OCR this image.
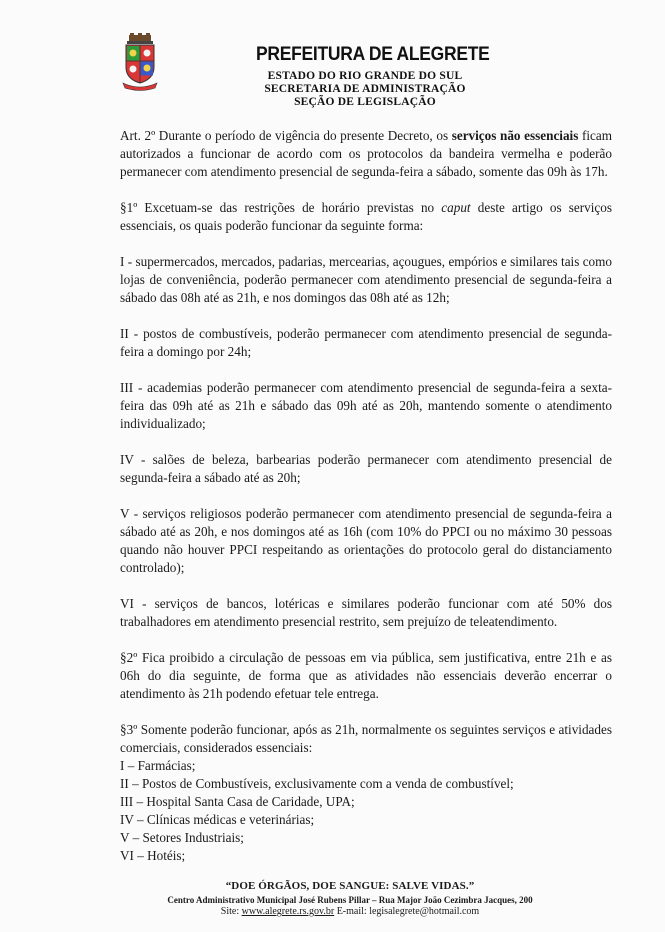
PREFEITURA DE ALEGRETE
ESTADO DO RIO GRANDE DO SUL
SECRETARIA DE ADMINISTRAÇÃO
SEÇÃO DE LEGISLAÇÃO

Art. 2º Durante o período de vigência do presente Decreto, os serviços não essenciais ficam autorizados a funcionar de acordo com os protocolos da bandeira vermelha e poderão permanecer com atendimento presencial de segunda-feira a sábado, somente das 09h às 17h.

§1º Excetuam-se das restrições de horário previstas no caput deste artigo os serviços essenciais, os quais poderão funcionar da seguinte forma:

I - supermercados, mercados, padarias, mercearias, açougues, empórios e similares tais como lojas de conveniência, poderão permanecer com atendimento presencial de segunda-feira a sábado das 08h até as 21h, e nos domingos das 08h até as 12h;

II - postos de combustíveis, poderão permanecer com atendimento presencial de segunda-feira a domingo por 24h;

III - academias poderão permanecer com atendimento presencial de segunda-feira a sexta-feira das 09h até as 21h e sábado das 09h até as 20h, mantendo somente o atendimento individualizado;

IV - salões de beleza, barbearias poderão permanecer com atendimento presencial de segunda-feira a sábado até as 20h;

V - serviços religiosos poderão permanecer com atendimento presencial de segunda-feira a sábado até as 20h, e nos domingos até as 16h (com 10% do PPCI ou no máximo 30 pessoas quando não houver PPCI respeitando as orientações do protocolo geral do distanciamento controlado);

VI - serviços de bancos, lotéricas e similares poderão funcionar com até 50% dos trabalhadores em atendimento presencial restrito, sem prejuízo de teleatendimento.

§2º Fica proibido a circulação de pessoas em via pública, sem justificativa, entre 21h e as 06h do dia seguinte, de forma que as atividades não essenciais deverão encerrar o atendimento às 21h podendo efetuar tele entrega.

§3º Somente poderão funcionar, após as 21h, normalmente os seguintes serviços e atividades comerciais, considerados essenciais:

I – Farmácias;
II – Postos de Combustíveis, exclusivamente com a venda de combustível;
III – Hospital Santa Casa de Caridade, UPA;
IV – Clínicas médicas e veterinárias;
V – Setores Industriais;
VI – Hotéis;
“DOE ÓRGÃOS, DOE SANGUE: SALVE VIDAS.”
Centro Administrativo Municipal José Rubens Pillar – Rua Major João Cezimbra Jacques, 200
Site: www.alegrete.rs.gov.br E-mail: legisalegrete@hotmail.com
